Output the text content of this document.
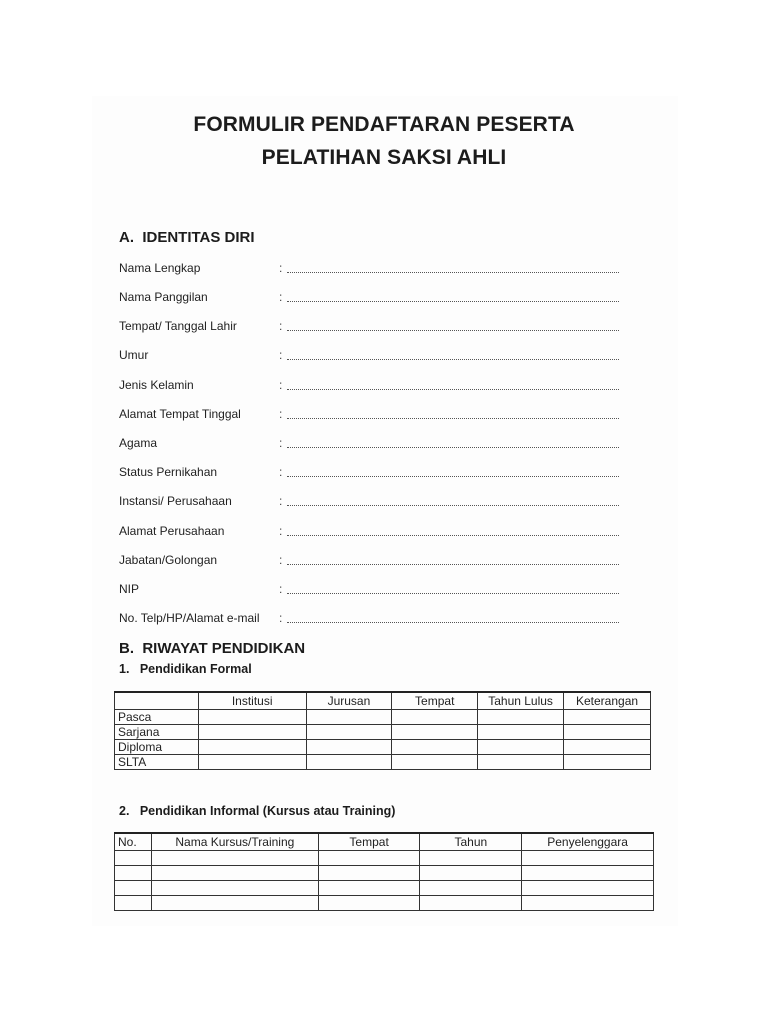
FORMULIR PENDAFTARAN PESERTA
PELATIHAN SAKSI AHLI
A.  IDENTITAS DIRI
Nama Lengkap	:
Nama Panggilan	:
Tempat/ Tanggal Lahir	:
Umur	:
Jenis Kelamin	:
Alamat Tempat Tinggal	:
Agama	:
Status Pernikahan	:
Instansi/ Perusahaan	:
Alamat Perusahaan	:
Jabatan/Golongan	:
NIP	:
No. Telp/HP/Alamat e-mail :
B.  RIWAYAT PENDIDIKAN
1.   Pendidikan Formal
	Institusi	Jurusan	Tempat	Tahun Lulus	Keterangan
Pasca					
Sarjana					
Diploma					
SLTA					
2.   Pendidikan Informal (Kursus atau Training)
No.	Nama Kursus/Training	Tempat	Tahun	Penyelenggara
